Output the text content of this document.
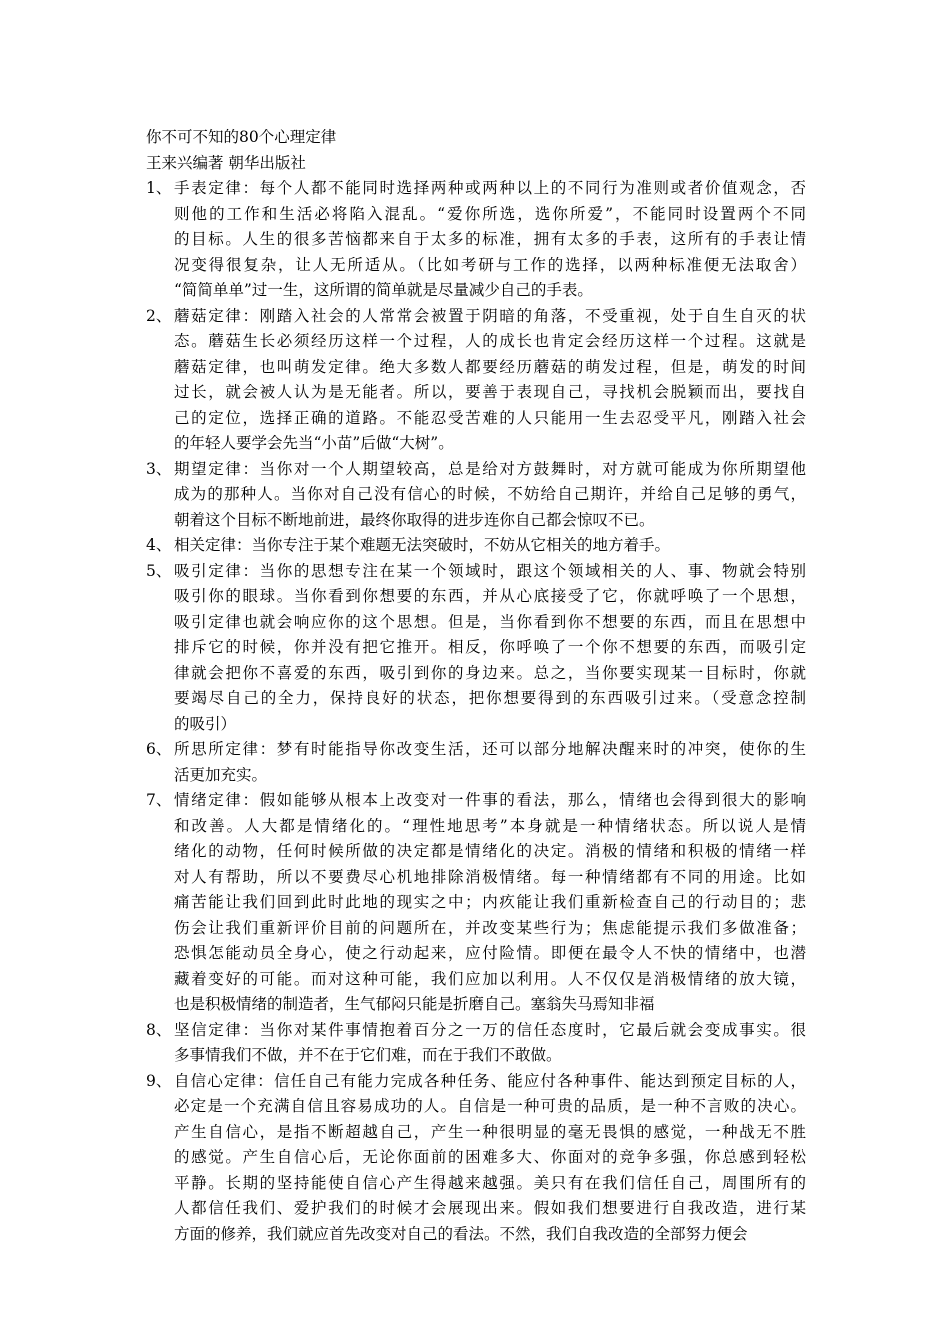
你不可不知的80个心理定律
王来兴编著 朝华出版社
1、 手表定律：每个人都不能同时选择两种或两种以上的不同行为准则或者价值观念，否
则他的工作和生活必将陷入混乱。“爱你所选，选你所爱”，不能同时设置两个不同
的目标。人生的很多苦恼都来自于太多的标准，拥有太多的手表，这所有的手表让情
况变得很复杂，让人无所适从。（比如考研与工作的选择，以两种标准便无法取舍）
“简简单单”过一生，这所谓的简单就是尽量减少自己的手表。
2、 蘑菇定律：刚踏入社会的人常常会被置于阴暗的角落，不受重视，处于自生自灭的状
态。蘑菇生长必须经历这样一个过程，人的成长也肯定会经历这样一个过程。这就是
蘑菇定律，也叫萌发定律。绝大多数人都要经历蘑菇的萌发过程，但是，萌发的时间
过长，就会被人认为是无能者。所以，要善于表现自己，寻找机会脱颖而出，要找自
己的定位，选择正确的道路。不能忍受苦难的人只能用一生去忍受平凡，刚踏入社会
的年轻人要学会先当“小苗”后做“大树”。
3、 期望定律：当你对一个人期望较高，总是给对方鼓舞时，对方就可能成为你所期望他
成为的那种人。当你对自己没有信心的时候，不妨给自己期许，并给自己足够的勇气，
朝着这个目标不断地前进，最终你取得的进步连你自己都会惊叹不已。
4、 相关定律：当你专注于某个难题无法突破时，不妨从它相关的地方着手。
5、 吸引定律：当你的思想专注在某一个领域时，跟这个领域相关的人、事、物就会特别
吸引你的眼球。当你看到你想要的东西，并从心底接受了它，你就呼唤了一个思想，
吸引定律也就会响应你的这个思想。但是，当你看到你不想要的东西，而且在思想中
排斥它的时候，你并没有把它推开。相反，你呼唤了一个你不想要的东西，而吸引定
律就会把你不喜爱的东西，吸引到你的身边来。总之，当你要实现某一目标时，你就
要竭尽自己的全力，保持良好的状态，把你想要得到的东西吸引过来。（受意念控制
的吸引）
6、 所思所定律：梦有时能指导你改变生活，还可以部分地解决醒来时的冲突，使你的生
活更加充实。
7、 情绪定律：假如能够从根本上改变对一件事的看法，那么，情绪也会得到很大的影响
和改善。人大都是情绪化的。“理性地思考”本身就是一种情绪状态。所以说人是情
绪化的动物，任何时候所做的决定都是情绪化的决定。消极的情绪和积极的情绪一样
对人有帮助，所以不要费尽心机地排除消极情绪。每一种情绪都有不同的用途。比如
痛苦能让我们回到此时此地的现实之中；内疚能让我们重新检查自己的行动目的；悲
伤会让我们重新评价目前的问题所在，并改变某些行为；焦虑能提示我们多做准备；
恐惧怎能动员全身心，使之行动起来，应付险情。即便在最令人不快的情绪中，也潜
藏着变好的可能。而对这种可能，我们应加以利用。人不仅仅是消极情绪的放大镜，
也是积极情绪的制造者，生气郁闷只能是折磨自己。塞翁失马焉知非福
8、 坚信定律：当你对某件事情抱着百分之一万的信任态度时，它最后就会变成事实。很
多事情我们不做，并不在于它们难，而在于我们不敢做。
9、 自信心定律：信任自己有能力完成各种任务、能应付各种事件、能达到预定目标的人，
必定是一个充满自信且容易成功的人。自信是一种可贵的品质，是一种不言败的决心。
产生自信心，是指不断超越自己，产生一种很明显的毫无畏惧的感觉，一种战无不胜
的感觉。产生自信心后，无论你面前的困难多大、你面对的竞争多强，你总感到轻松
平静。长期的坚持能使自信心产生得越来越强。美只有在我们信任自己，周围所有的
人都信任我们、爱护我们的时候才会展现出来。假如我们想要进行自我改造，进行某
方面的修养，我们就应首先改变对自己的看法。不然，我们自我改造的全部努力便会
